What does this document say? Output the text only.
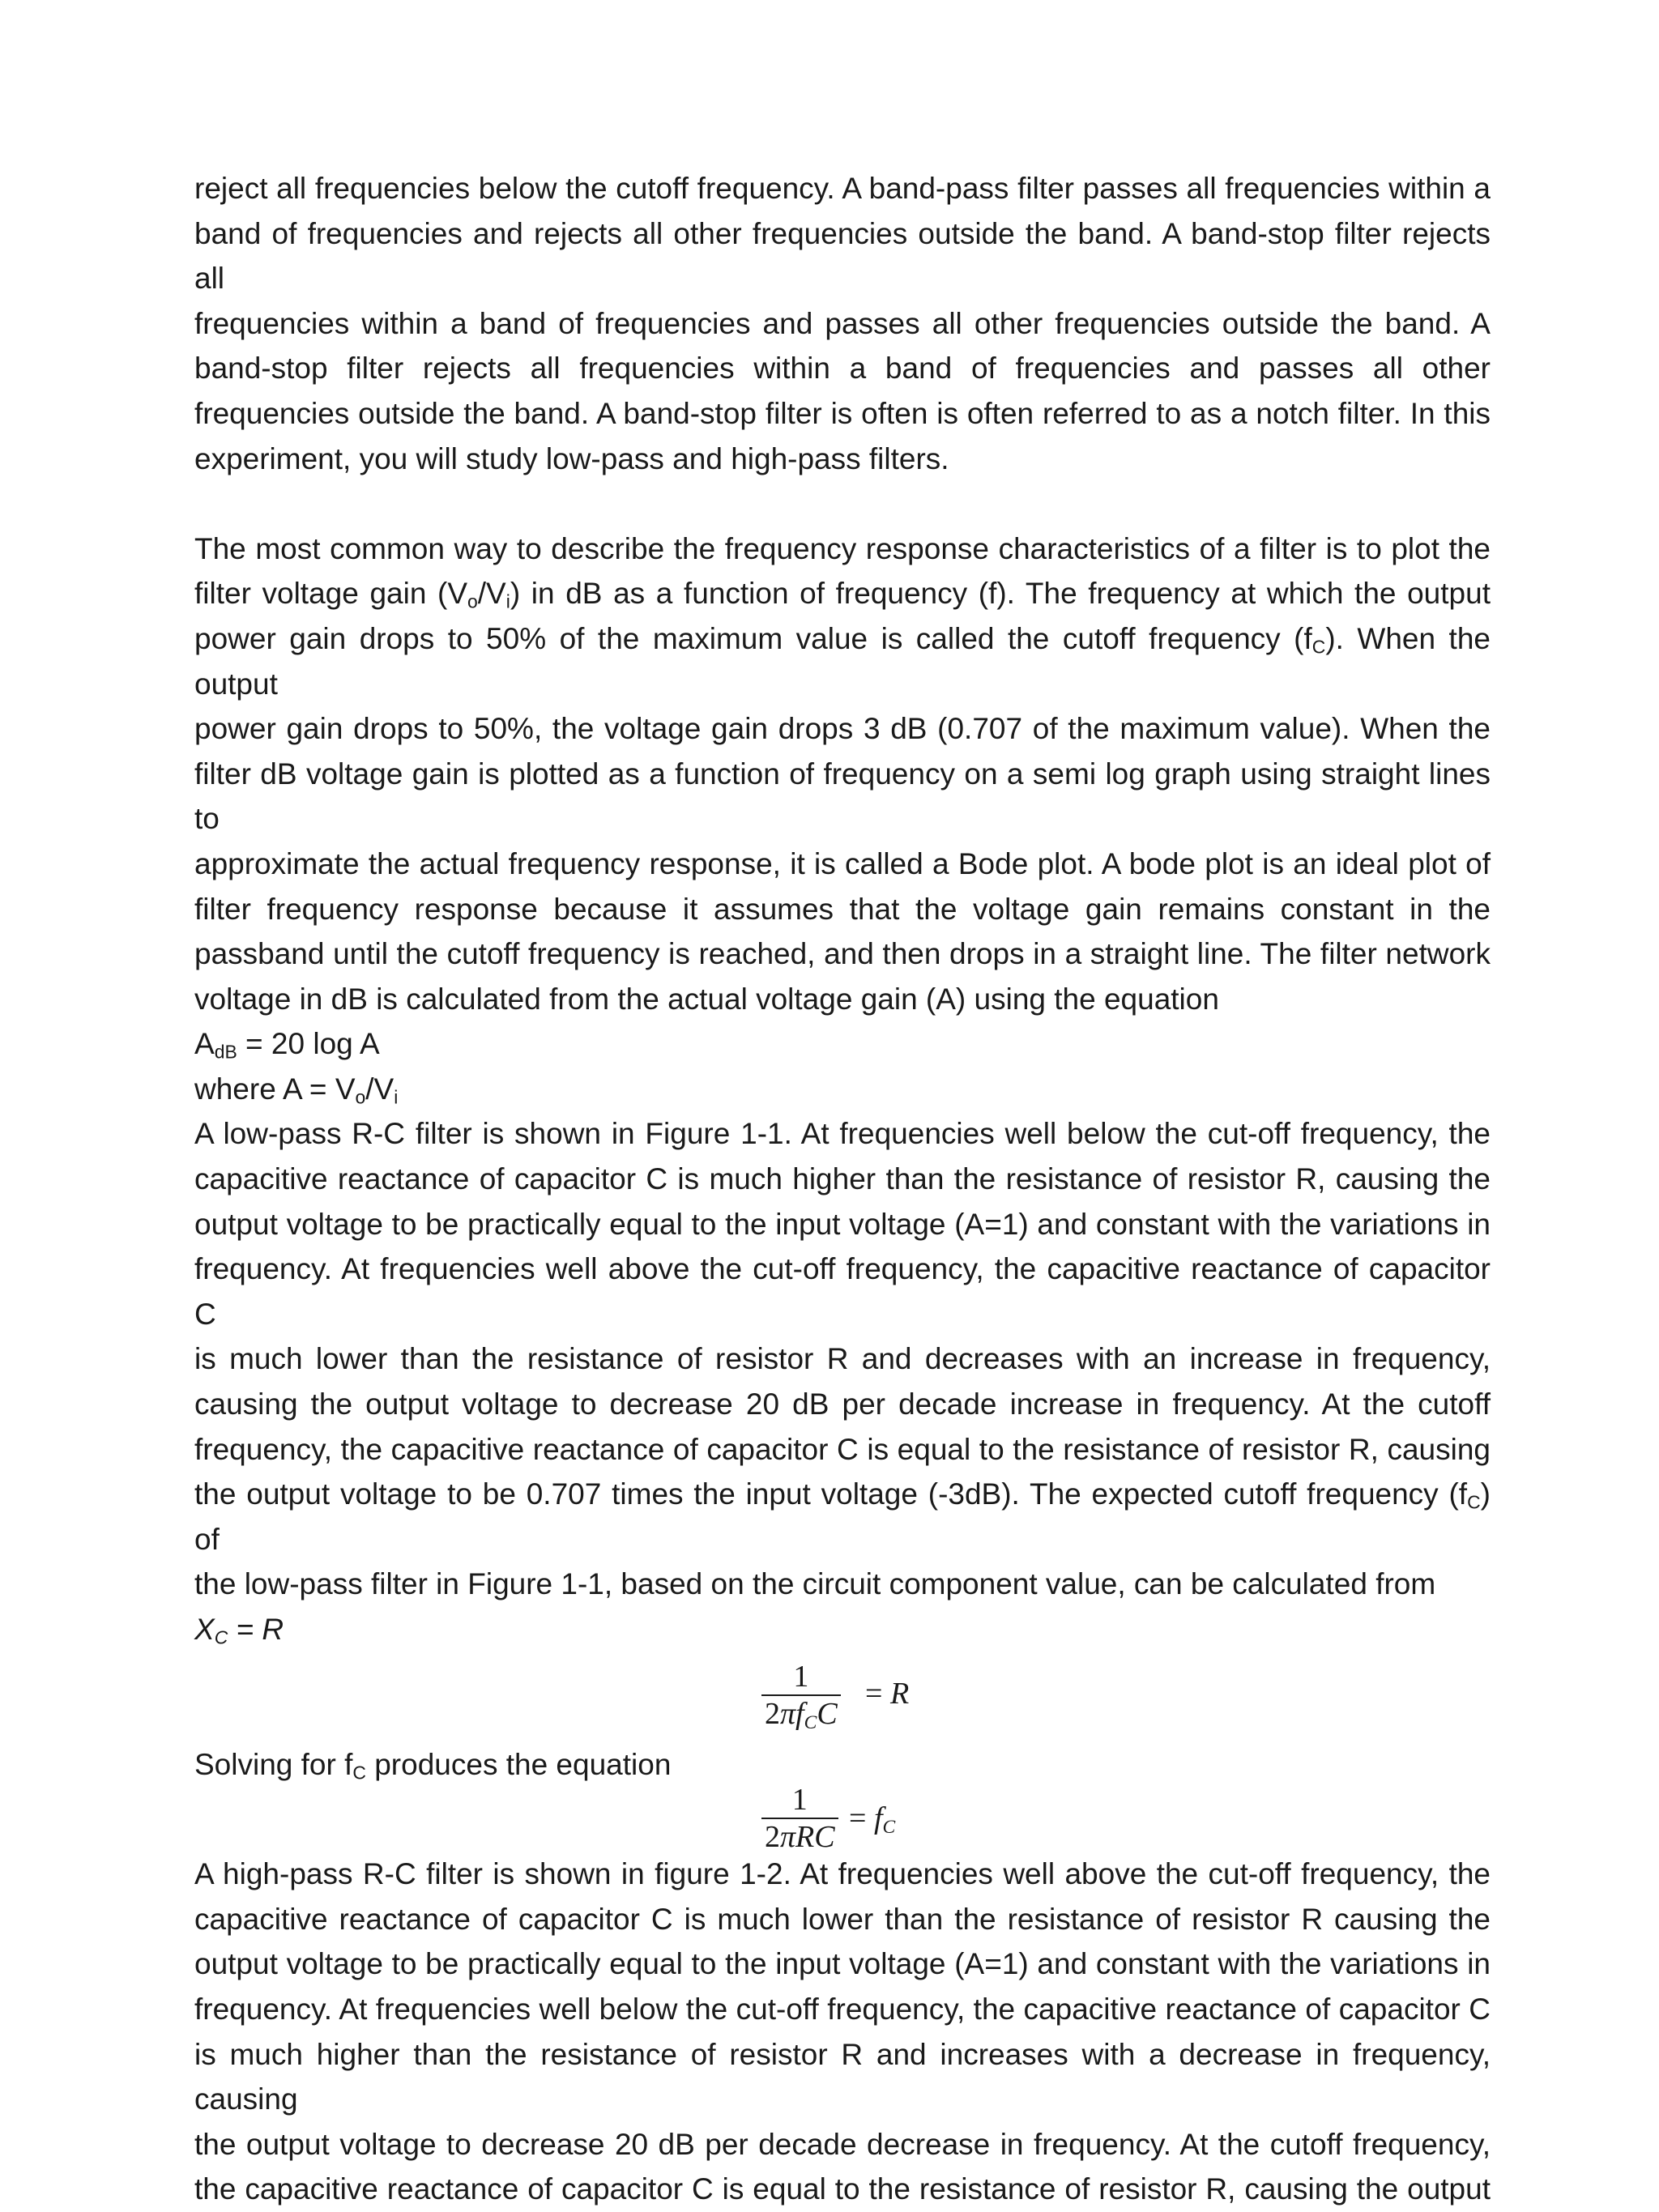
reject all frequencies below the cutoff frequency. A band-pass filter passes all frequencies within a

band of frequencies and rejects all other frequencies outside the band. A band-stop filter rejects all

frequencies within a band of frequencies and passes all other frequencies outside the band. A

band-stop filter rejects all frequencies within a band of frequencies and passes all other

frequencies outside the band. A band-stop filter is often is often referred to as a notch filter. In this

experiment, you will study low-pass and high-pass filters.

The most common way to describe the frequency response characteristics of a filter is to plot the

filter voltage gain $(V_o/V_i)$ in dB as a function of frequency (f). The frequency at which the output

power gain drops to 50% of the maximum value is called the cutoff frequency $(f_C)$. When the output

power gain drops to 50%, the voltage gain drops 3 dB (0.707 of the maximum value). When the

filter dB voltage gain is plotted as a function of frequency on a semi log graph using straight lines to

approximate the actual frequency response, it is called a Bode plot. A bode plot is an ideal plot of

filter frequency response because it assumes that the voltage gain remains constant in the

passband until the cutoff frequency is reached, and then drops in a straight line. The filter network

voltage in dB is calculated from the actual voltage gain (A) using the equation

$A_{dB} = 20$ log A

where $A = V_o/V_i$

A low-pass R-C filter is shown in Figure 1-1. At frequencies well below the cut-off frequency, the

capacitive reactance of capacitor C is much higher than the resistance of resistor R, causing the

output voltage to be practically equal to the input voltage (A=1) and constant with the variations in

frequency. At frequencies well above the cut-off frequency, the capacitive reactance of capacitor C

is much lower than the resistance of resistor R and decreases with an increase in frequency,

causing the output voltage to decrease 20 dB per decade increase in frequency. At the cutoff

frequency, the capacitive reactance of capacitor C is equal to the resistance of resistor R, causing

the output voltage to be 0.707 times the input voltage (-3dB). The expected cutoff frequency $(f_C)$ of

the low-pass filter in Figure 1-1, based on the circuit component value, can be calculated from

$X_C = R$

1
$2\pi f_CC$
= R

Solving for $f_C$ produces the equation

1
2πRC
= $f_C$

A high-pass R-C filter is shown in figure 1-2. At frequencies well above the cut-off frequency, the

capacitive reactance of capacitor C is much lower than the resistance of resistor R causing the

output voltage to be practically equal to the input voltage (A=1) and constant with the variations in

frequency. At frequencies well below the cut-off frequency, the capacitive reactance of capacitor C

is much higher than the resistance of resistor R and increases with a decrease in frequency, causing

the output voltage to decrease 20 dB per decade decrease in frequency. At the cutoff frequency,

the capacitive reactance of capacitor C is equal to the resistance of resistor R, causing the output
